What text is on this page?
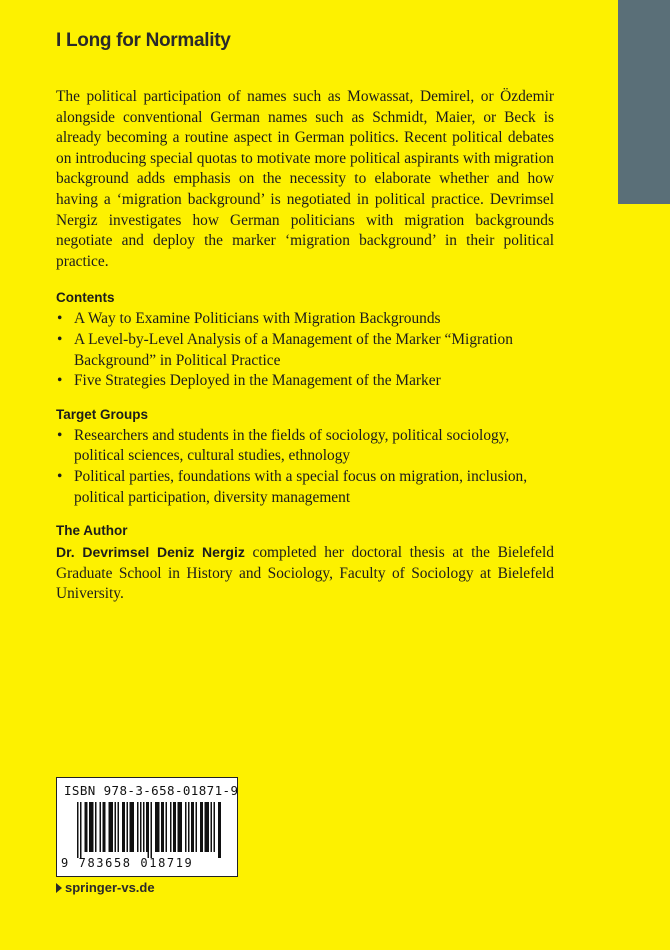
I Long for Normality

The political participation of names such as Mowassat, Demirel, or Özdemir alongside conventional German names such as Schmidt, Maier, or Beck is already becoming a routine aspect in German politics. Recent political debates on introducing special quotas to motivate more political aspirants with migration background adds emphasis on the necessity to elaborate whether and how having a ‘migration background’ is negotiated in political practice. Devrimsel Nergiz investigates how German politicians with migration backgrounds negotiate and deploy the marker ‘migration background’ in their political practice.

Contents

• A Way to Examine Politicians with Migration Backgrounds
• A Level-by-Level Analysis of a Management of the Marker “Migration Background” in Political Practice
• Five Strategies Deployed in the Management of the Marker

Target Groups

• Researchers and students in the fields of sociology, political sociology, political sciences, cultural studies, ethnology
• Political parties, foundations with a special focus on migration, inclusion, political participation, diversity management

The Author

Dr. Devrimsel Deniz Nergiz completed her doctoral thesis at the Bielefeld Graduate School in History and Sociology, Faculty of Sociology at Bielefeld University.

ISBN 978-3-658-01871-9
9 783658 018719
springer-vs.de
